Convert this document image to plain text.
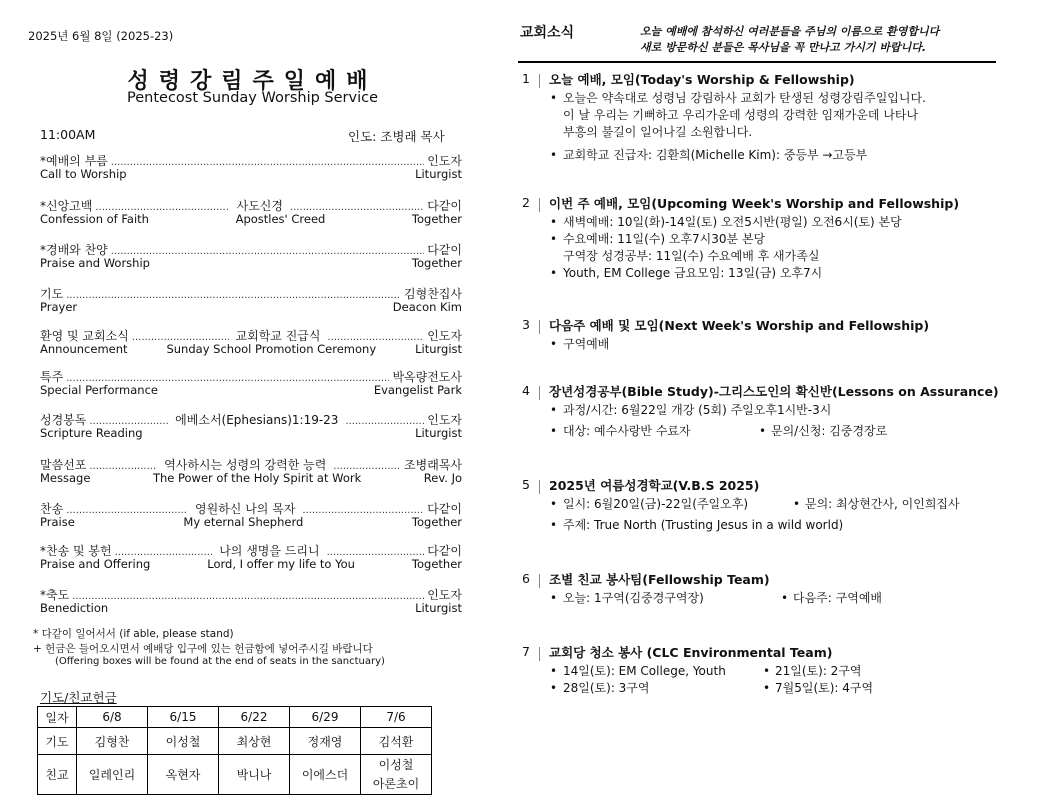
2025년 6월 8일 (2025-23)
성령강림주일예배
Pentecost Sunday Worship Service
11:00AM	인도: 조병래 목사
*예배의 부름 .....	인도자
Call to Worship	Liturgist
*신앙고백 .....	사도신경 .....	다같이
Confession of Faith	Apostles' Creed	Together
*경배와 찬양 .....	다같이
Praise and Worship	Together
기도 .....	김형찬집사
Prayer	Deacon Kim
환영 및 교회소식 .....	교회학교 진급식 .....	인도자
Announcement	Sunday School Promotion Ceremony	Liturgist
특주 .....	박옥량전도사
Special Performance	Evangelist Park
성경봉독 .....	에베소서(Ephesians)1:19-23 .....	인도자
Scripture Reading	Liturgist
말씀선포 .....	역사하시는 성령의 강력한 능력 .....	조병래목사
Message	The Power of the Holy Spirit at Work	Rev. Jo
찬송 .....	영원하신 나의 목자 .....	다같이
Praise	My eternal Shepherd	Together
*찬송 및 봉헌 .....	나의 생명을 드리니 .....	다같이
Praise and Offering	Lord, I offer my life to You	Together
*축도 .....	인도자
Benediction	Liturgist
* 다같이 일어서서 (if able, please stand)
+ 헌금은 들어오시면서 예배당 입구에 있는 헌금함에 넣어주시길 바랍니다
(Offering boxes will be found at the end of seats in the sanctuary)
기도/친교헌금
일자	6/8	6/15	6/22	6/29	7/6
기도	김형찬	이성철	최상현	정재영	김석환
친교	일레인리	옥현자	박니나	이에스더	이성철
아론초이
교회소식	오늘 예배에 참석하신 여러분들을 주님의 이름으로 환영합니다
새로 방문하신 분들은 목사님을 꼭 만나고 가시기 바랍니다.
1 오늘 예배, 모임(Today's Worship & Fellowship)
• 오늘은 약속대로 성령님 강림하사 교회가 탄생된 성령강림주일입니다.
이 날 우리는 기뻐하고 우리가운데 성령의 강력한 임재가운데 나타나
부흥의 불길이 일어나길 소원합니다.
• 교회학교 진급자: 김환희(Michelle Kim): 중등부 →고등부
2 이번 주 예배, 모임(Upcoming Week's Worship and Fellowship)
• 새벽예배: 10일(화)-14일(토) 오전5시반(평일) 오전6시(토) 본당
• 수요예배: 11일(수) 오후7시30분 본당
구역장 성경공부: 11일(수) 수요예배 후 새가족실
• Youth, EM College 금요모임: 13일(금) 오후7시
3 다음주 예배 및 모임(Next Week's Worship and Fellowship)
• 구역예배
4 장년성경공부(Bible Study)-그리스도인의 확신반(Lessons on Assurance)
• 과정/시간: 6월22일 개강 (5회) 주일오후1시반-3시
• 대상: 예수사랑반 수료자	• 문의/신청: 김중경장로
5 2025년 여름성경학교(V.B.S 2025)
• 일시: 6월20일(금)-22일(주일오후)	• 문의: 최상현간사, 이인희집사
• 주제: True North (Trusting Jesus in a wild world)
6 조별 친교 봉사팀(Fellowship Team)
• 오늘: 1구역(김중경구역장)	• 다음주: 구역예배
7 교회당 청소 봉사 (CLC Environmental Team)
• 14일(토): EM College, Youth	• 21일(토): 2구역
• 28일(토): 3구역	• 7월5일(토): 4구역
